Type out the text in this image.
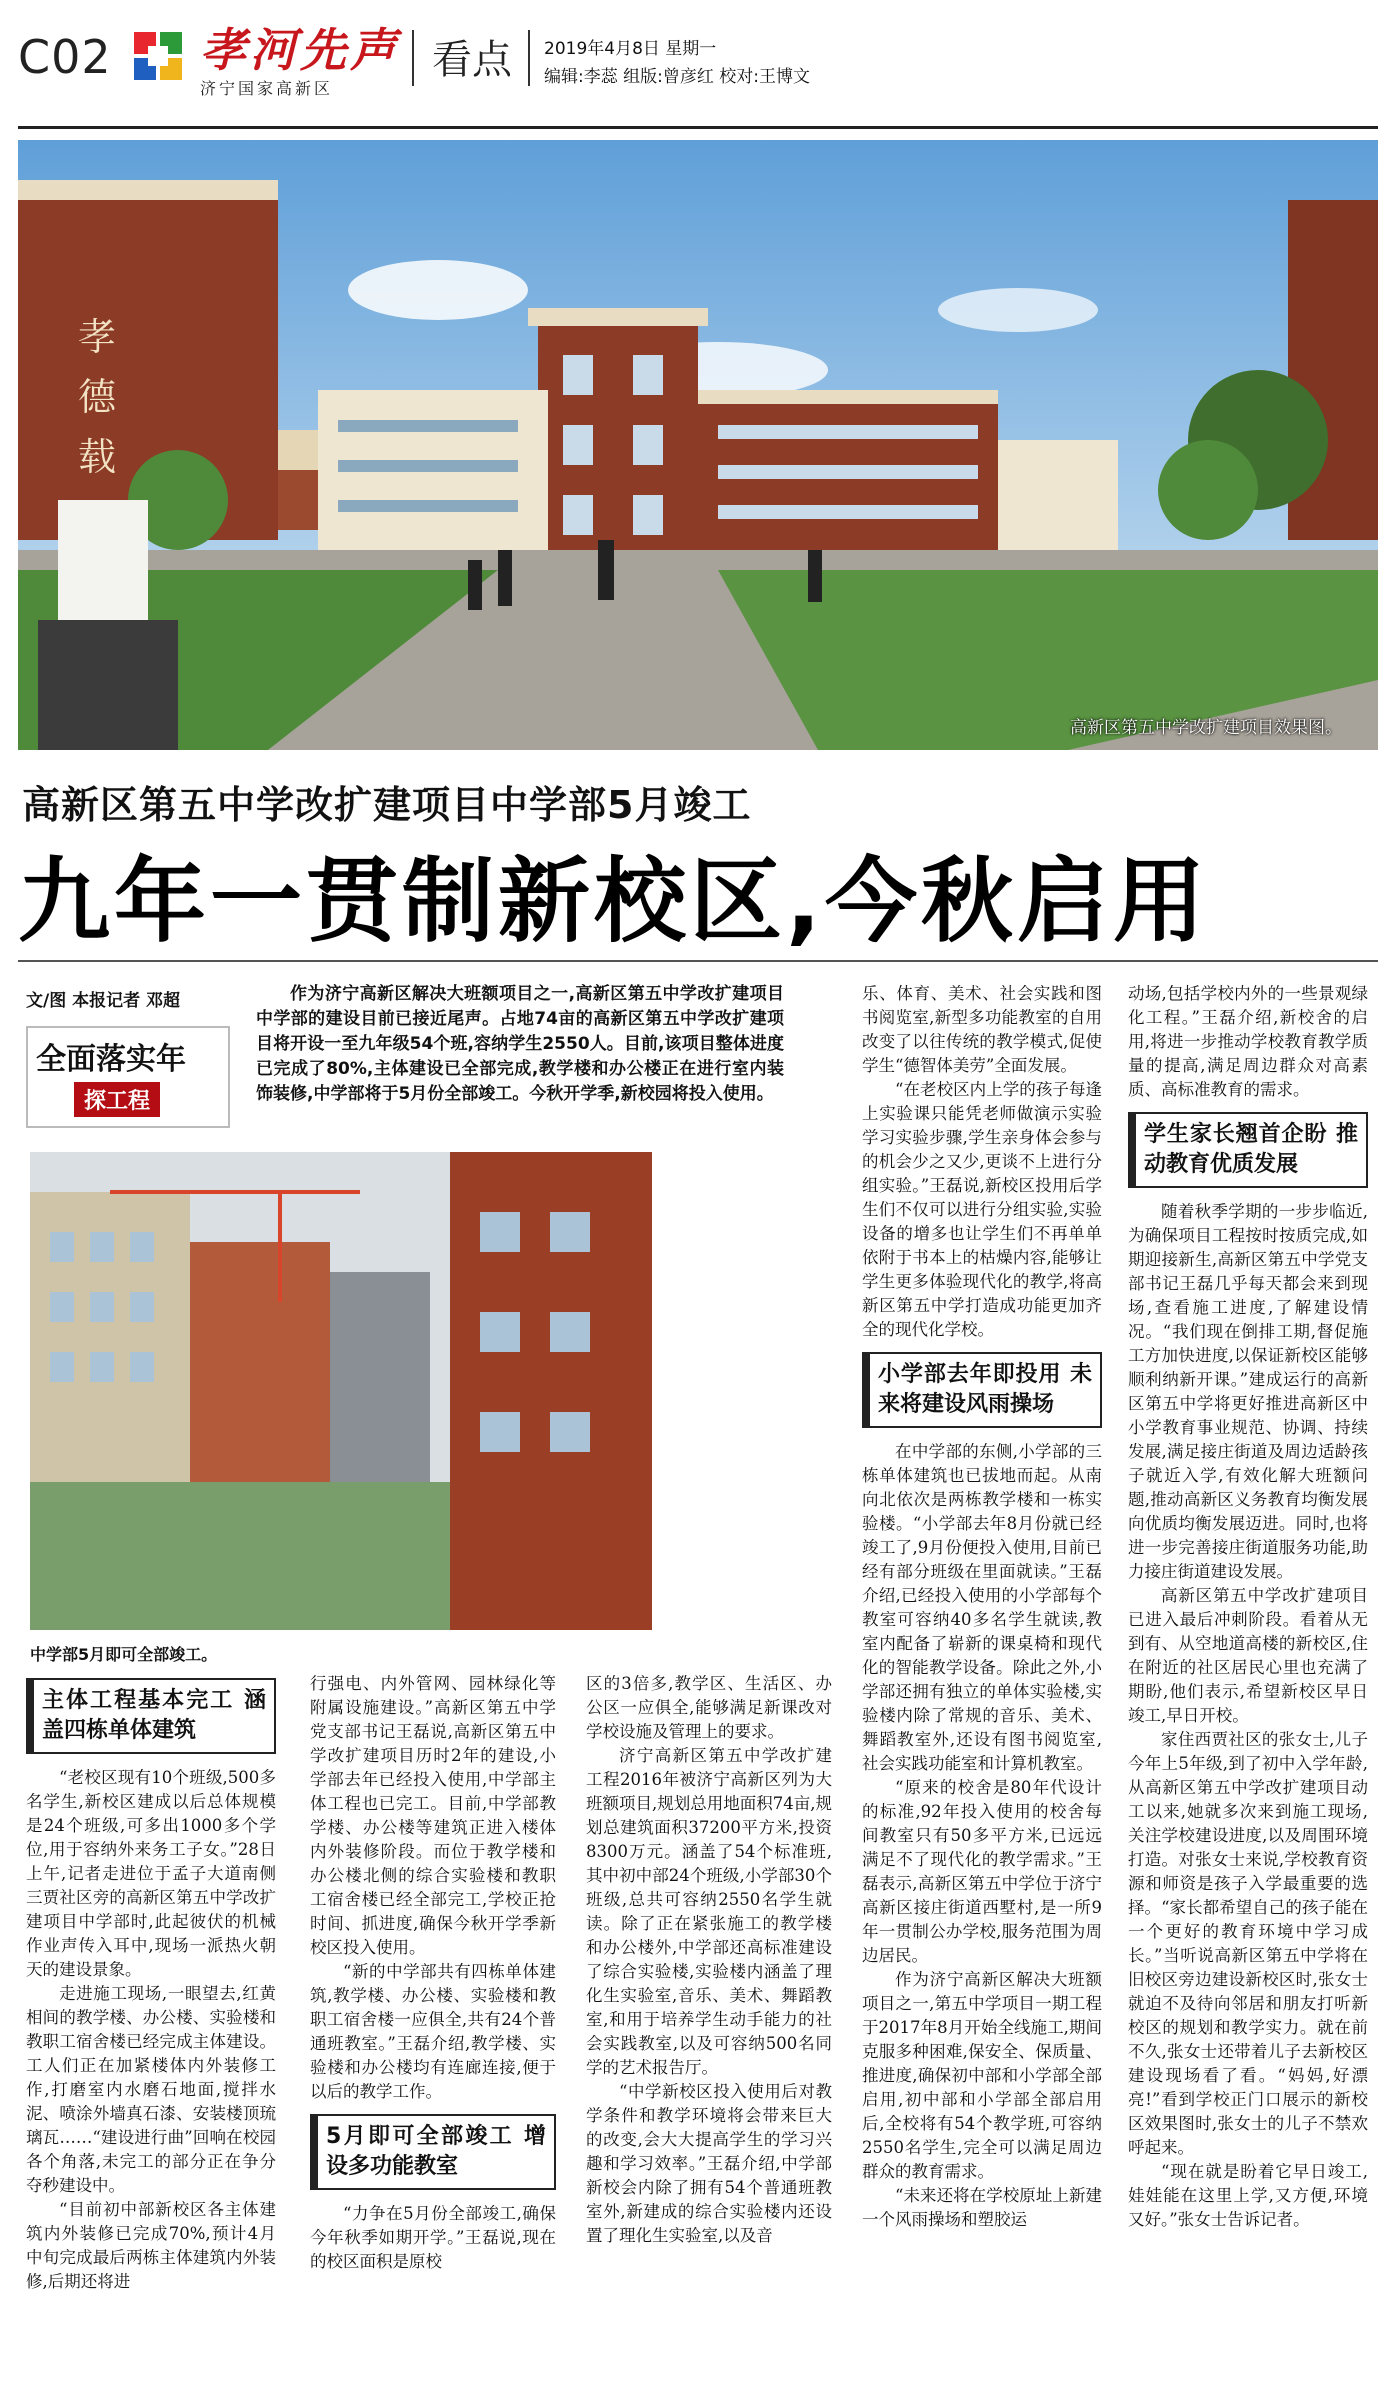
C02 孝河先声
济宁国家高新区
看点 2019年4月8日 星期一
编辑:李蕊 组版:曾彦红 校对:王博文
孝
德
载
高新区第五中学改扩建项目效果图。
高新区第五中学改扩建项目中学部5月竣工
九年一贯制新校区,今秋启用
文/图 本报记者 邓超
全面落实年
探工程

作为济宁高新区解决大班额项目之一,高新区第五中学改扩建项目中学部的建设目前已接近尾声。占地74亩的高新区第五中学改扩建项目将开设一至九年级54个班,容纳学生2550人。目前,该项目整体进度已完成了80%,主体建设已全部完成,教学楼和办公楼正在进行室内装饰装修,中学部将于5月份全部竣工。今秋开学季,新校园将投入使用。

中学部5月即可全部竣工。
主体工程基本完工 涵盖四栋单体建筑

“老校区现有10个班级,500多名学生,新校区建成以后总体规模是24个班级,可多出1000多个学位,用于容纳外来务工子女。”28日上午,记者走进位于孟子大道南侧三贾社区旁的高新区第五中学改扩建项目中学部时,此起彼伏的机械作业声传入耳中,现场一派热火朝天的建设景象。

走进施工现场,一眼望去,红黄相间的教学楼、办公楼、实验楼和教职工宿舍楼已经完成主体建设。工人们正在加紧楼体内外装修工作,打磨室内水磨石地面,搅拌水泥、喷涂外墙真石漆、安装楼顶琉璃瓦……“建设进行曲”回响在校园各个角落,未完工的部分正在争分夺秒建设中。

“目前初中部新校区各主体建筑内外装修已完成70%,预计4月中旬完成最后两栋主体建筑内外装修,后期还将进

行强电、内外管网、园林绿化等附属设施建设。”高新区第五中学党支部书记王磊说,高新区第五中学改扩建项目历时2年的建设,小学部去年已经投入使用,中学部主体工程也已完工。目前,中学部教学楼、办公楼等建筑正进入楼体内外装修阶段。而位于教学楼和办公楼北侧的综合实验楼和教职工宿舍楼已经全部完工,学校正抢时间、抓进度,确保今秋开学季新校区投入使用。

“新的中学部共有四栋单体建筑,教学楼、办公楼、实验楼和教职工宿舍楼一应俱全,共有24个普通班教室。”王磊介绍,教学楼、实验楼和办公楼均有连廊连接,便于以后的教学工作。

5月即可全部竣工 增设多功能教室

“力争在5月份全部竣工,确保今年秋季如期开学。”王磊说,现在的校区面积是原校

区的3倍多,教学区、生活区、办公区一应俱全,能够满足新课改对学校设施及管理上的要求。

济宁高新区第五中学改扩建工程2016年被济宁高新区列为大班额项目,规划总用地面积74亩,规划总建筑面积37200平方米,投资8300万元。涵盖了54个标准班,其中初中部24个班级,小学部30个班级,总共可容纳2550名学生就读。除了正在紧张施工的教学楼和办公楼外,中学部还高标准建设了综合实验楼,实验楼内涵盖了理化生实验室,音乐、美术、舞蹈教室,和用于培养学生动手能力的社会实践教室,以及可容纳500名同学的艺术报告厅。

“中学新校区投入使用后对教学条件和教学环境将会带来巨大的改变,会大大提高学生的学习兴趣和学习效率。”王磊介绍,中学部新校会内除了拥有54个普通班教室外,新建成的综合实验楼内还设置了理化生实验室,以及音

乐、体育、美术、社会实践和图书阅览室,新型多功能教室的自用改变了以往传统的教学模式,促使学生“德智体美劳”全面发展。

“在老校区内上学的孩子每逢上实验课只能凭老师做演示实验学习实验步骤,学生亲身体会参与的机会少之又少,更谈不上进行分组实验。”王磊说,新校区投用后学生们不仅可以进行分组实验,实验设备的增多也让学生们不再单单依附于书本上的枯燥内容,能够让学生更多体验现代化的教学,将高新区第五中学打造成功能更加齐全的现代化学校。

小学部去年即投用 未来将建设风雨操场

在中学部的东侧,小学部的三栋单体建筑也已拔地而起。从南向北依次是两栋教学楼和一栋实验楼。“小学部去年8月份就已经竣工了,9月份便投入使用,目前已经有部分班级在里面就读。”王磊介绍,已经投入使用的小学部每个教室可容纳40多名学生就读,教室内配备了崭新的课桌椅和现代化的智能教学设备。除此之外,小学部还拥有独立的单体实验楼,实验楼内除了常规的音乐、美术、舞蹈教室外,还设有图书阅览室,社会实践功能室和计算机教室。

“原来的校舍是80年代设计的标准,92年投入使用的校舍每间教室只有50多平方米,已远远满足不了现代化的教学需求。”王磊表示,高新区第五中学位于济宁高新区接庄街道西墅村,是一所9年一贯制公办学校,服务范围为周边居民。

作为济宁高新区解决大班额项目之一,第五中学项目一期工程于2017年8月开始全线施工,期间克服多种困难,保安全、保质量、推进度,确保初中部和小学部全部启用,初中部和小学部全部启用后,全校将有54个教学班,可容纳2550名学生,完全可以满足周边群众的教育需求。

“未来还将在学校原址上新建一个风雨操场和塑胶运

动场,包括学校内外的一些景观绿化工程。”王磊介绍,新校舍的启用,将进一步推动学校教育教学质量的提高,满足周边群众对高素质、高标准教育的需求。

学生家长翘首企盼 推动教育优质发展

随着秋季学期的一步步临近,为确保项目工程按时按质完成,如期迎接新生,高新区第五中学党支部书记王磊几乎每天都会来到现场,查看施工进度,了解建设情况。“我们现在倒排工期,督促施工方加快进度,以保证新校区能够顺利纳新开课。”建成运行的高新区第五中学将更好推进高新区中小学教育事业规范、协调、持续发展,满足接庄街道及周边适龄孩子就近入学,有效化解大班额问题,推动高新区义务教育均衡发展向优质均衡发展迈进。同时,也将进一步完善接庄街道服务功能,助力接庄街道建设发展。

高新区第五中学改扩建项目已进入最后冲刺阶段。看着从无到有、从空地道高楼的新校区,住在附近的社区居民心里也充满了期盼,他们表示,希望新校区早日竣工,早日开校。

家住西贾社区的张女士,儿子今年上5年级,到了初中入学年龄,从高新区第五中学改扩建项目动工以来,她就多次来到施工现场,关注学校建设进度,以及周围环境打造。对张女士来说,学校教育资源和师资是孩子入学最重要的选择。“家长都希望自己的孩子能在一个更好的教育环境中学习成长。”当听说高新区第五中学将在旧校区旁边建设新校区时,张女士就迫不及待向邻居和朋友打听新校区的规划和教学实力。就在前不久,张女士还带着儿子去新校区建设现场看了看。“妈妈,好漂亮!”看到学校正门口展示的新校区效果图时,张女士的儿子不禁欢呼起来。

“现在就是盼着它早日竣工,娃娃能在这里上学,又方便,环境又好。”张女士告诉记者。
